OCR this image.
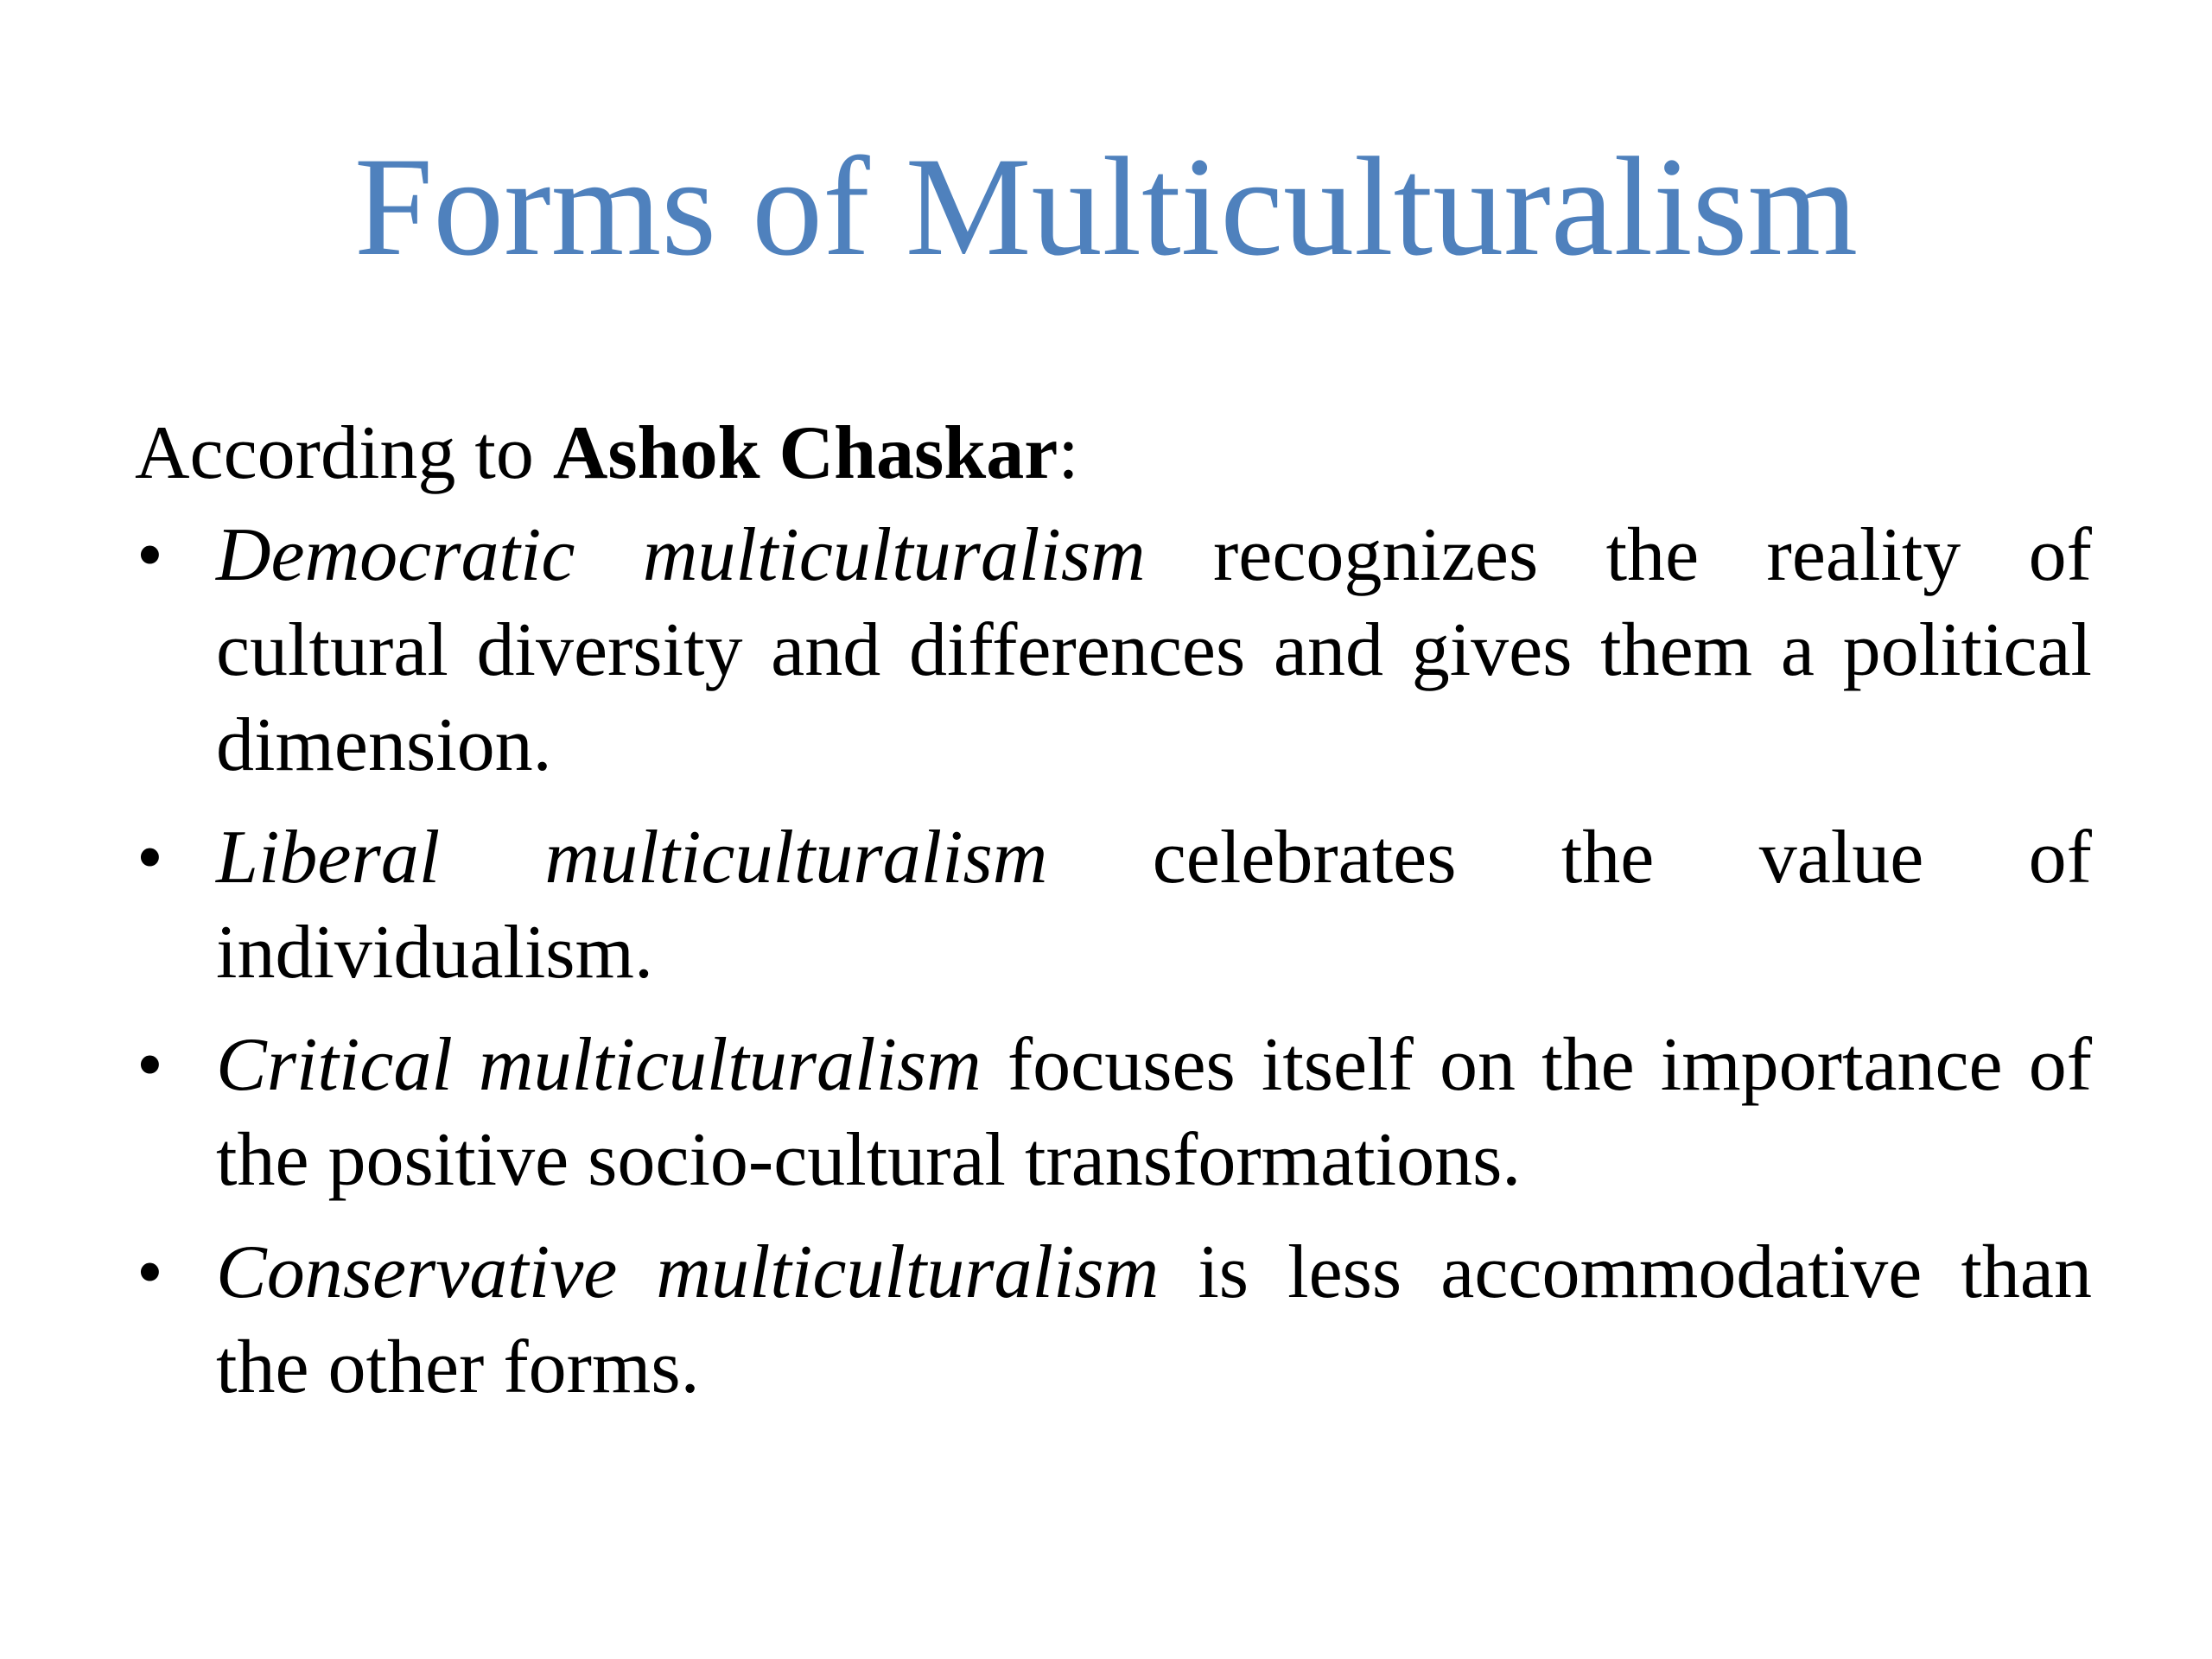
Forms of Multiculturalism

According to Ashok Chaskar:

• Democratic multiculturalism recognizes the reality of cultural diversity and differences and gives them a political dimension.
• Liberal multiculturalism celebrates the value of individualism.
• Critical multiculturalism focuses itself on the importance of the positive socio-cultural transformations.
• Conservative multiculturalism is less accommodative than the other forms.
